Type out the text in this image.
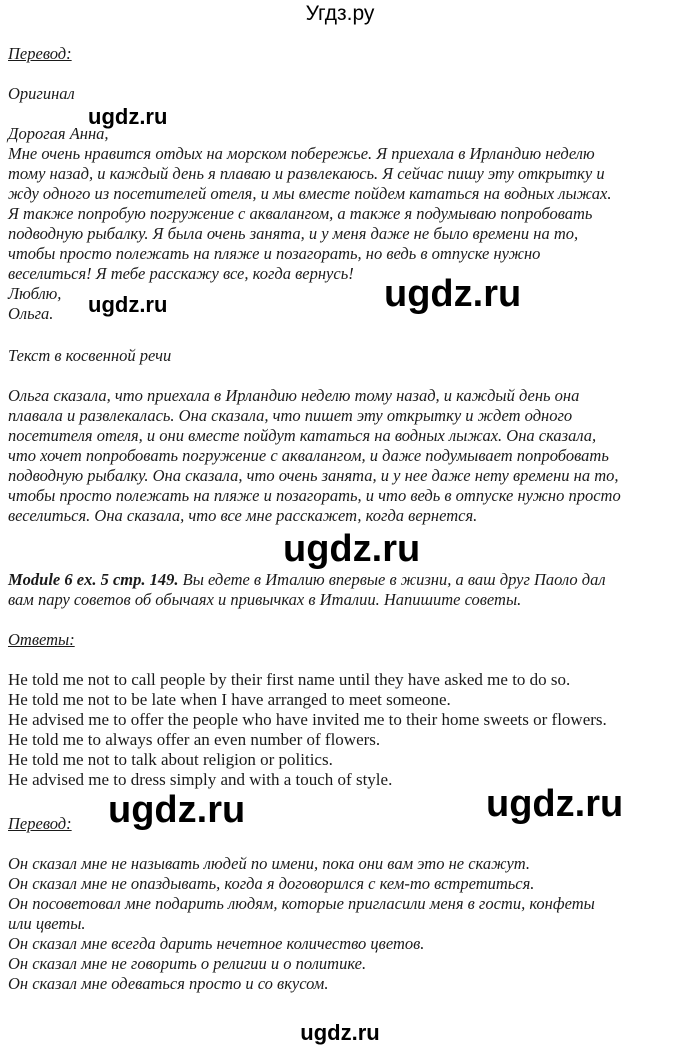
Угдз.ру
Перевод:
Оригинал
Дорогая Анна,
Мне очень нравится отдых на морском побережье. Я приехала в Ирландию неделю
тому назад, и каждый день я плаваю и развлекаюсь. Я сейчас пишу эту открытку и
жду одного из посетителей отеля, и мы вместе пойдем кататься на водных лыжах.
Я также попробую погружение с аквалангом, а также я подумываю попробовать
подводную рыбалку. Я была очень занята, и у меня даже не было времени на то,
чтобы просто полежать на пляже и позагорать, но ведь в отпуске нужно
веселиться! Я тебе расскажу все, когда вернусь!
Люблю,
Ольга.
Текст в косвенной речи
Ольга сказала, что приехала в Ирландию неделю тому назад, и каждый день она
плавала и развлекалась. Она сказала, что пишет эту открытку и ждет одного
посетителя отеля, и они вместе пойдут кататься на водных лыжах. Она сказала,
что хочет попробовать погружение с аквалангом, и даже подумывает попробовать
подводную рыбалку. Она сказала, что очень занята, и у нее даже нету времени на то,
чтобы просто полежать на пляже и позагорать, и что ведь в отпуске нужно просто
веселиться. Она сказала, что все мне расскажет, когда вернется.
Module 6 ex. 5 стр. 149. Вы едете в Италию впервые в жизни, а ваш друг Паоло дал
вам пару советов об обычаях и привычках в Италии. Напишите советы.
Ответы:
He told me not to call people by their first name until they have asked me to do so.
He told me not to be late when I have arranged to meet someone.
He advised me to offer the people who have invited me to their home sweets or flowers.
He told me to always offer an even number of flowers.
He told me not to talk about religion or politics.
He advised me to dress simply and with a touch of style.
Перевод:
Он сказал мне не называть людей по имени, пока они вам это не скажут.
Он сказал мне не опаздывать, когда я договорился с кем-то встретиться.
Он посоветовал мне подарить людям, которые пригласили меня в гости, конфеты
или цветы.
Он сказал мне всегда дарить нечетное количество цветов.
Он сказал мне не говорить о религии и о политике.
Он сказал мне одеваться просто и со вкусом.
ugdz.ru
ugdz.ru	ugdz.ru
ugdz.ru
ugdz.ru	ugdz.ru
ugdz.ru
